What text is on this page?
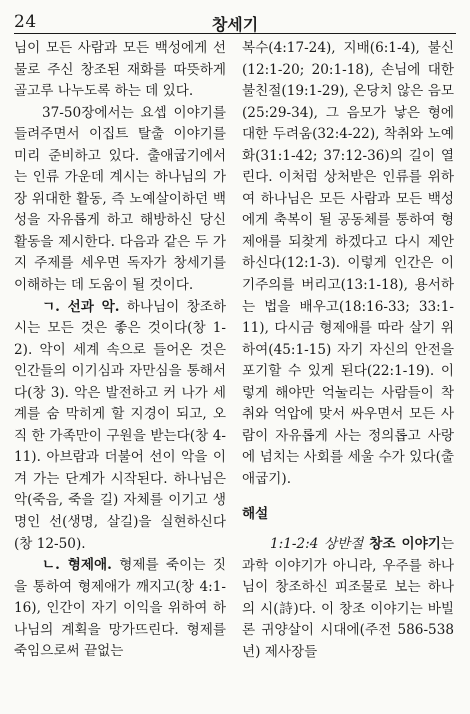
24	창세기

님이 모든 사람과 모든 백성에게 선물로 주신 창조된 재화를 따뜻하게 골고루 나누도록 하는 데 있다.

37-50장에서는 요셉 이야기를 들려주면서 이집트 탈출 이야기를 미리 준비하고 있다. 출애굽기에서는 인류 가운데 계시는 하나님의 가장 위대한 활동, 즉 노예살이하던 백성을 자유롭게 하고 해방하신 당신 활동을 제시한다. 다음과 같은 두 가지 주제를 세우면 독자가 창세기를 이해하는 데 도움이 될 것이다.

ㄱ. 선과 악. 하나님이 창조하시는 모든 것은 좋은 것이다(창 1-2). 악이 세계 속으로 들어온 것은 인간들의 이기심과 자만심을 통해서다(창 3). 악은 발전하고 커 나가 세계를 숨 막히게 할 지경이 되고, 오직 한 가족만이 구원을 받는다(창 4-11). 아브람과 더불어 선이 악을 이겨 가는 단계가 시작된다. 하나님은 악(죽음, 죽을 길) 자체를 이기고 생명인 선(생명, 살길)을 실현하신다(창 12-50).

ㄴ. 형제애. 형제를 죽이는 짓을 통하여 형제애가 깨지고(창 4:1-16), 인간이 자기 이익을 위하여 하나님의 계획을 망가뜨린다. 형제를 죽임으로써 끝없는

복수(4:17-24), 지배(6:1-4), 불신(12:1-20; 20:1-18), 손님에 대한 불친절(19:1-29), 온당치 않은 음모(25:29-34), 그 음모가 낳은 형에 대한 두려움(32:4-22), 착취와 노예화(31:1-42; 37:12-36)의 길이 열린다. 이처럼 상처받은 인류를 위하여 하나님은 모든 사람과 모든 백성에게 축복이 될 공동체를 통하여 형제애를 되찾게 하겠다고 다시 제안하신다(12:1-3). 이렇게 인간은 이기주의를 버리고(13:1-18), 용서하는 법을 배우고(18:16-33; 33:1-11), 다시금 형제애를 따라 살기 위하여(45:1-15) 자기 자신의 안전을 포기할 수 있게 된다(22:1-19). 이렇게 해야만 억눌리는 사람들이 착취와 억압에 맞서 싸우면서 모든 사람이 자유롭게 사는 정의롭고 사랑에 넘치는 사회를 세울 수가 있다(출애굽기).

해설

1:1-2:4 상반절 창조 이야기는 과학 이야기가 아니라, 우주를 하나님이 창조하신 피조물로 보는 하나의 시(詩)다. 이 창조 이야기는 바빌론 귀양살이 시대에(주전 586-538년) 제사장들
